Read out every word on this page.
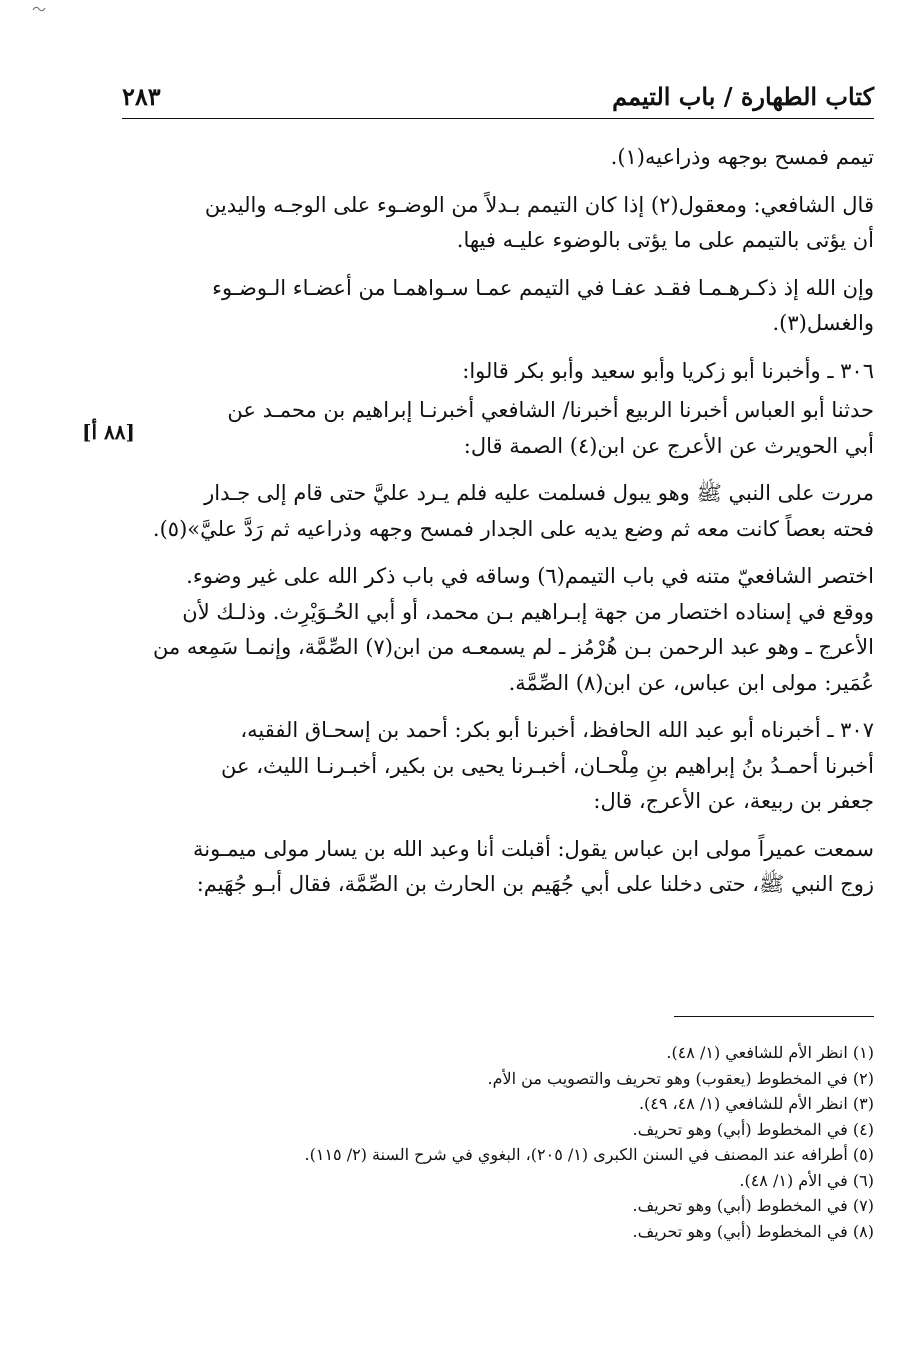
كتاب الطهارة / باب التيمم
٢٨٣
[٨٨ أ]

تيمم فمسح بوجهه وذراعيه(١).

قال الشافعي: ومعقول(٢) إذا كان التيمم بـدلاً من الوضـوء على الوجـه واليدين
أن يؤتى بالتيمم على ما يؤتى بالوضوء عليـه فيها.

وإن الله إذ ذكـرهـمـا فقـد عفـا في التيمم عمـا سـواهمـا من أعضـاء الـوضـوء
والغسل(٣).

٣٠٦ ـ وأخبرنا أبو زكريا وأبو سعيد وأبو بكر قالوا:

حدثنا أبو العباس أخبرنا الربيع أخبرنا/ الشافعي أخبرنـا إبراهيم بن محمـد عن
أبي الحويرث عن الأعرج عن ابن(٤) الصمة قال:

مررت على النبي ﷺ وهو يبول فسلمت عليه فلم يـرد عليَّ حتى قام إلى جـدار
فحته بعصاً كانت معه ثم وضع يديه على الجدار فمسح وجهه وذراعيه ثم رَدَّ عليَّ»(٥).

اختصر الشافعيّ متنه في باب التيمم(٦) وساقه في باب ذكر الله على غير وضوء.
ووقع في إسناده اختصار من جهة إبـراهيم بـن محمد، أو أبي الحُـوَيْرِث. وذلـك لأن
الأعرج ـ وهو عبد الرحمن بـن هُرْمُز ـ لم يسمعـه من ابن(٧) الصِّمَّة، وإنمـا سَمِعه من
عُمَير: مولى ابن عباس، عن ابن(٨) الصِّمَّة.

٣٠٧ ـ أخبرناه أبو عبد الله الحافظ، أخبرنا أبو بكر: أحمد بن إسحـاق الفقيه،
أخبرنا أحمـدُ بنُ إبراهيم بنِ مِلْحـان، أخبـرنا يحيى بن بكير، أخبـرنـا الليث، عن
جعفر بن ربيعة، عن الأعرج، قال:

سمعت عميراً مولى ابن عباس يقول: أقبلت أنا وعبد الله بن يسار مولى ميمـونة
زوج النبي ﷺ، حتى دخلنا على أبي جُهَيم بن الحارث بن الصِّمَّة، فقال أبـو جُهَيم:

(١) انظر الأم للشافعي (١/ ٤٨).
(٢) في المخطوط (يعقوب) وهو تحريف والتصويب من الأم.
(٣) انظر الأم للشافعي (١/ ٤٨، ٤٩).
(٤) في المخطوط (أبي) وهو تحريف.
(٥) أطرافه عند المصنف في السنن الكبرى (١/ ٢٠٥)، البغوي في شرح السنة (٢/ ١١٥).
(٦) في الأم (١/ ٤٨).
(٧) في المخطوط (أبي) وهو تحريف.
(٨) في المخطوط (أبي) وهو تحريف.
